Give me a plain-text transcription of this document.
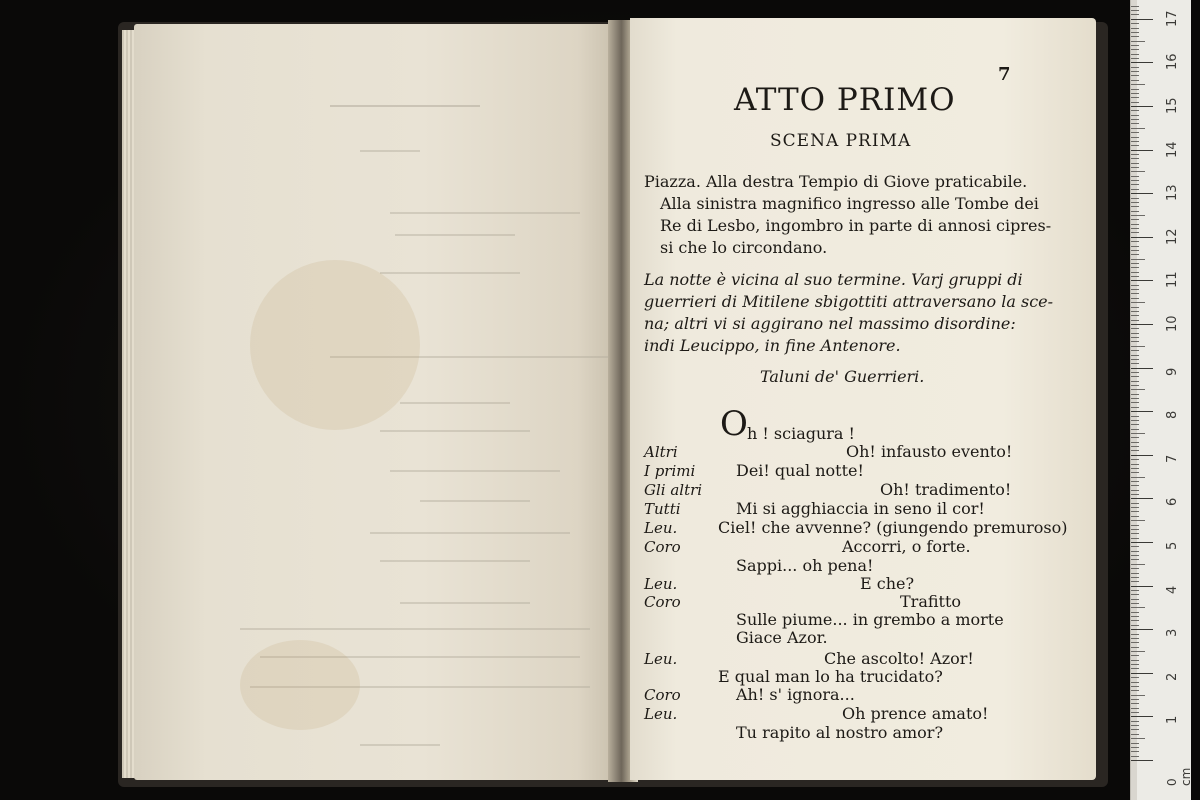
0 cm
1
2
3
4
5
6
7
8
9
10
11
12
13
14
15
16
17
7
ATTO PRIMO
SCENA PRIMA
Piazza. Alla destra Tempio di Giove praticabile.
Alla sinistra magnifico ingresso alle Tombe dei
Re di Lesbo, ingombro in parte di annosi cipres-
si che lo circondano.
La notte è vicina al suo termine. Varj gruppi di
guerrieri di Mitilene sbigottiti attraversano la sce-
na; altri vi si aggirano nel massimo disordine:
indi Leucippo, in fine Antenore.
Taluni de' Guerrieri.
O h ! sciagura !
Altri	Oh! infausto evento!
I primi	Dei! qual notte!
Gli altri	Oh! tradimento!
Tutti	Mi si agghiaccia in seno il cor!
Leu.	Ciel! che avvenne? (giungendo premuroso)
Coro	Accorri, o forte.
Sappi... oh pena!
Leu.	E che?
Coro	Trafitto
Sulle piume... in grembo a morte
Giace Azor.
Leu.	Che ascolto! Azor!
E qual man lo ha trucidato?
Coro	Ah! s' ignora...
Leu.	Oh prence amato!
Tu rapito al nostro amor?
